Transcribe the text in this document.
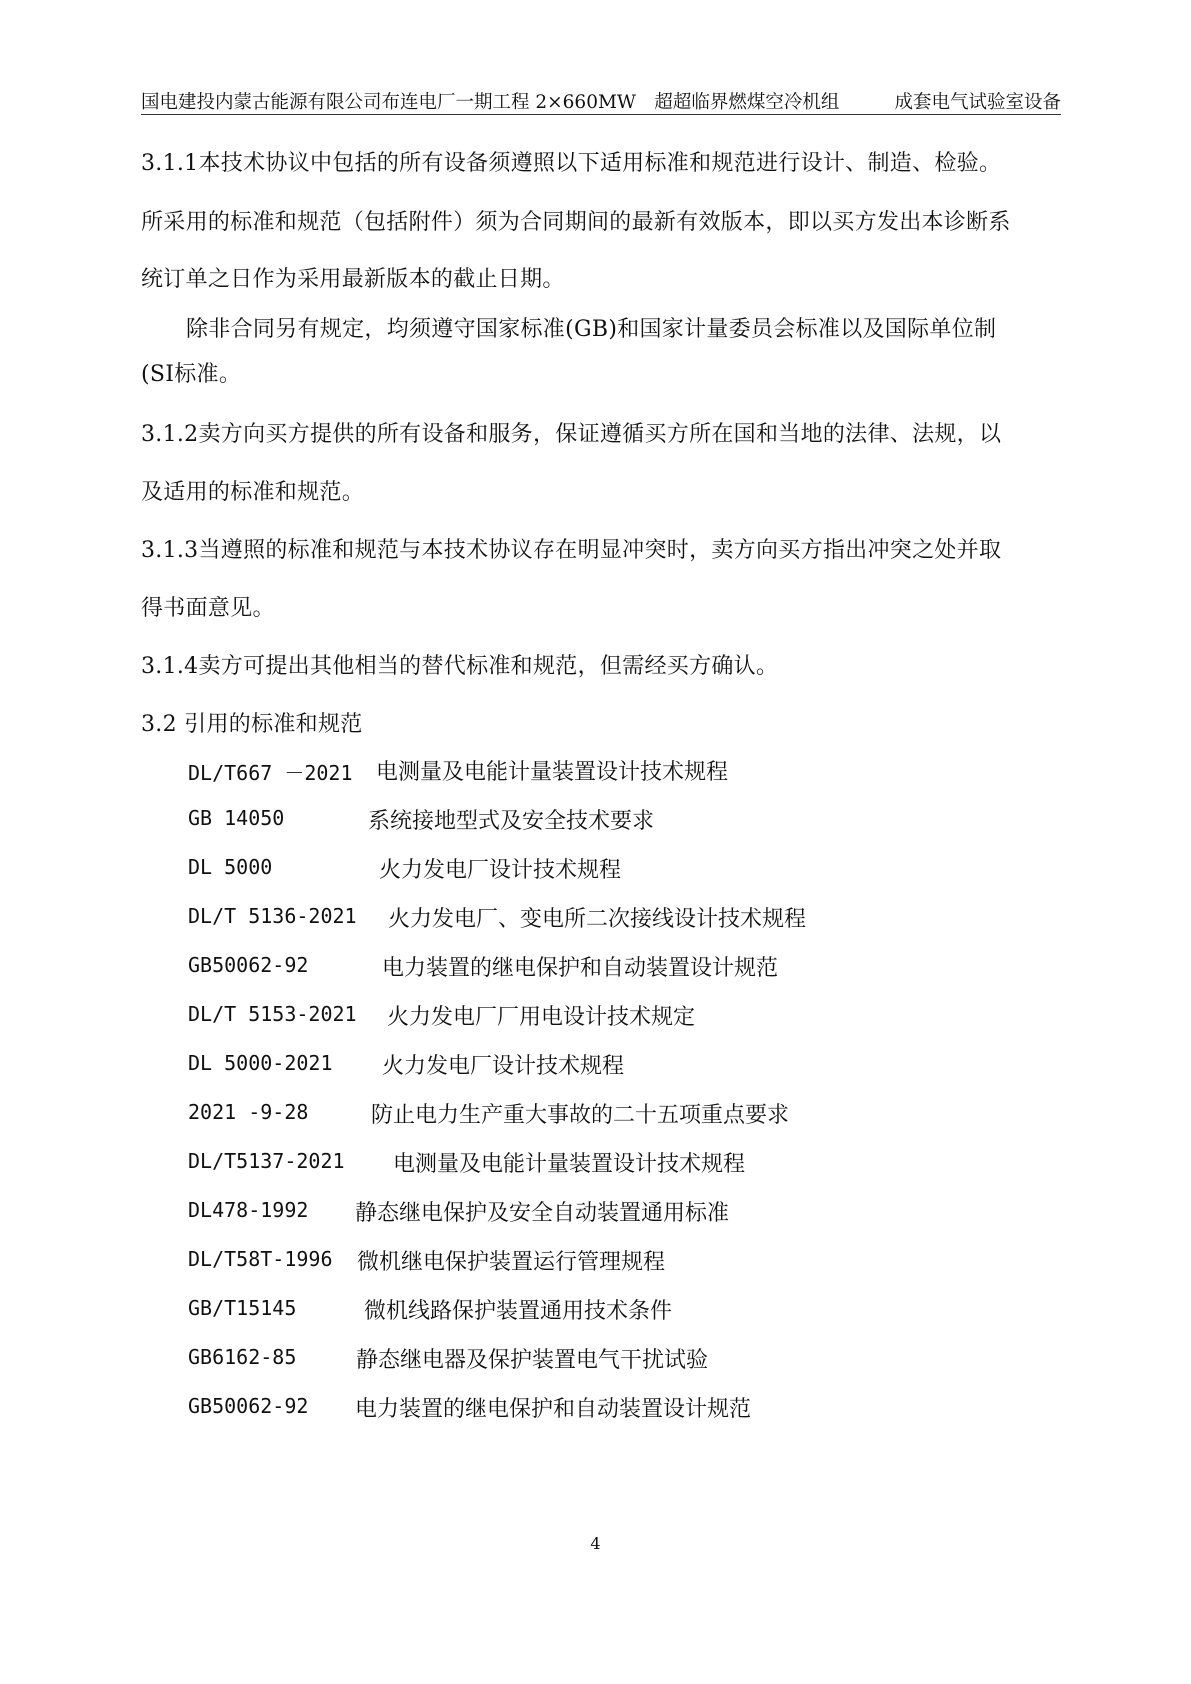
国电建投内蒙古能源有限公司布连电厂一期工程 2×660MW　超超临界燃煤空冷机组	成套电气试验室设备
3.1.1本技术协议中包括的所有设备须遵照以下适用标准和规范进行设计、制造、检验。
所采用的标准和规范（包括附件）须为合同期间的最新有效版本，即以买方发出本诊断系
统订单之日作为采用最新版本的截止日期。
除非合同另有规定，均须遵守国家标准(GB)和国家计量委员会标准以及国际单位制
(SI标准。
3.1.2卖方向买方提供的所有设备和服务，保证遵循买方所在国和当地的法律、法规，以
及适用的标准和规范。
3.1.3当遵照的标准和规范与本技术协议存在明显冲突时，卖方向买方指出冲突之处并取
得书面意见。
3.1.4卖方可提出其他相当的替代标准和规范，但需经买方确认。
3.2 引用的标准和规范
DL/T667 －2021 电测量及电能计量装置设计技术规程
GB 14050	系统接地型式及安全技术要求
DL 5000	火力发电厂设计技术规程
DL/T 5136-2021 火力发电厂、变电所二次接线设计技术规程
GB50062-92	电力装置的继电保护和自动装置设计规范
DL/T 5153-2021 火力发电厂厂用电设计技术规定
DL 5000-2021 火力发电厂设计技术规程
2021 -9-28	防止电力生产重大事故的二十五项重点要求
DL/T5137-2021 电测量及电能计量装置设计技术规程
DL478-1992 静态继电保护及安全自动装置通用标准
DL/T58T-1996 微机继电保护装置运行管理规程
GB/T15145	微机线路保护装置通用技术条件
GB6162-85	静态继电器及保护装置电气干扰试验
GB50062-92 电力装置的继电保护和自动装置设计规范
4
